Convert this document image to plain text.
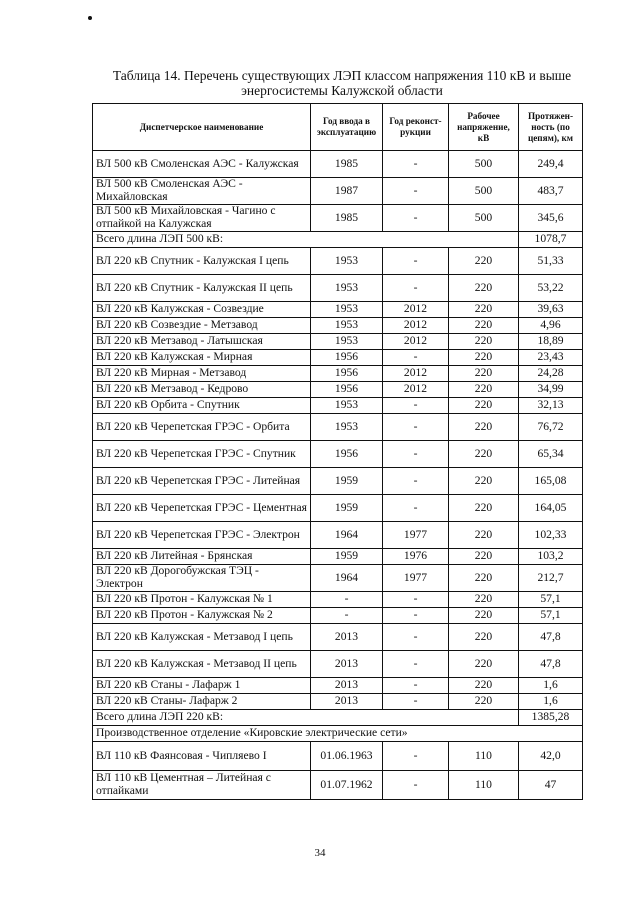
Таблица 14. Перечень существующих ЛЭП классом напряжения 110 кВ и выше
энергосистемы Калужской области
Диспетчерское наименование	Год ввода в эксплуатацию	Год реконст-рукции	Рабочее напряжение, кВ	Протяжен-ность (по цепям), км
ВЛ 500 кВ Смоленская АЭС - Калужская	1985	-	500	249,4
ВЛ 500 кВ Смоленская АЭС - Михайловская	1987	-	500	483,7
ВЛ 500 кВ Михайловская - Чагино с отпайкой на Калужская	1985	-	500	345,6
Всего длина ЛЭП 500 кВ:				1078,7
ВЛ 220 кВ Спутник - Калужская I цепь	1953	-	220	51,33
ВЛ 220 кВ Спутник - Калужская II цепь	1953	-	220	53,22
ВЛ 220 кВ Калужская - Созвездие	1953	2012	220	39,63
ВЛ 220 кВ Созвездие - Метзавод	1953	2012	220	4,96
ВЛ 220 кВ Метзавод - Латышская	1953	2012	220	18,89
ВЛ 220 кВ Калужская - Мирная	1956	-	220	23,43
ВЛ 220 кВ Мирная - Метзавод	1956	2012	220	24,28
ВЛ 220 кВ Метзавод - Кедрово	1956	2012	220	34,99
ВЛ 220 кВ Орбита - Спутник	1953	-	220	32,13
ВЛ 220 кВ Черепетская ГРЭС - Орбита	1953	-	220	76,72
ВЛ 220 кВ Черепетская ГРЭС - Спутник	1956	-	220	65,34
ВЛ 220 кВ Черепетская ГРЭС - Литейная	1959	-	220	165,08
ВЛ 220 кВ Черепетская ГРЭС - Цементная	1959	-	220	164,05
ВЛ 220 кВ Черепетская ГРЭС - Электрон	1964	1977	220	102,33
ВЛ 220 кВ Литейная - Брянская	1959	1976	220	103,2
ВЛ 220 кВ Дорогобужская ТЭЦ - Электрон	1964	1977	220	212,7
ВЛ 220 кВ Протон - Калужская № 1	-	-	220	57,1
ВЛ 220 кВ Протон - Калужская № 2	-	-	220	57,1
ВЛ 220 кВ Калужская - Метзавод I цепь	2013	-	220	47,8
ВЛ 220 кВ Калужская - Метзавод II цепь	2013	-	220	47,8
ВЛ 220 кВ Станы - Лафарж 1	2013	-	220	1,6
ВЛ 220 кВ Станы- Лафарж 2	2013	-	220	1,6
Всего длина ЛЭП 220 кВ:				1385,28
Производственное отделение «Кировские электрические сети»				
ВЛ 110 кВ Фаянсовая - Чипляево I	01.06.1963	-	110	42,0
ВЛ 110 кВ Цементная – Литейная с отпайками	01.07.1962	-	110	47
34
